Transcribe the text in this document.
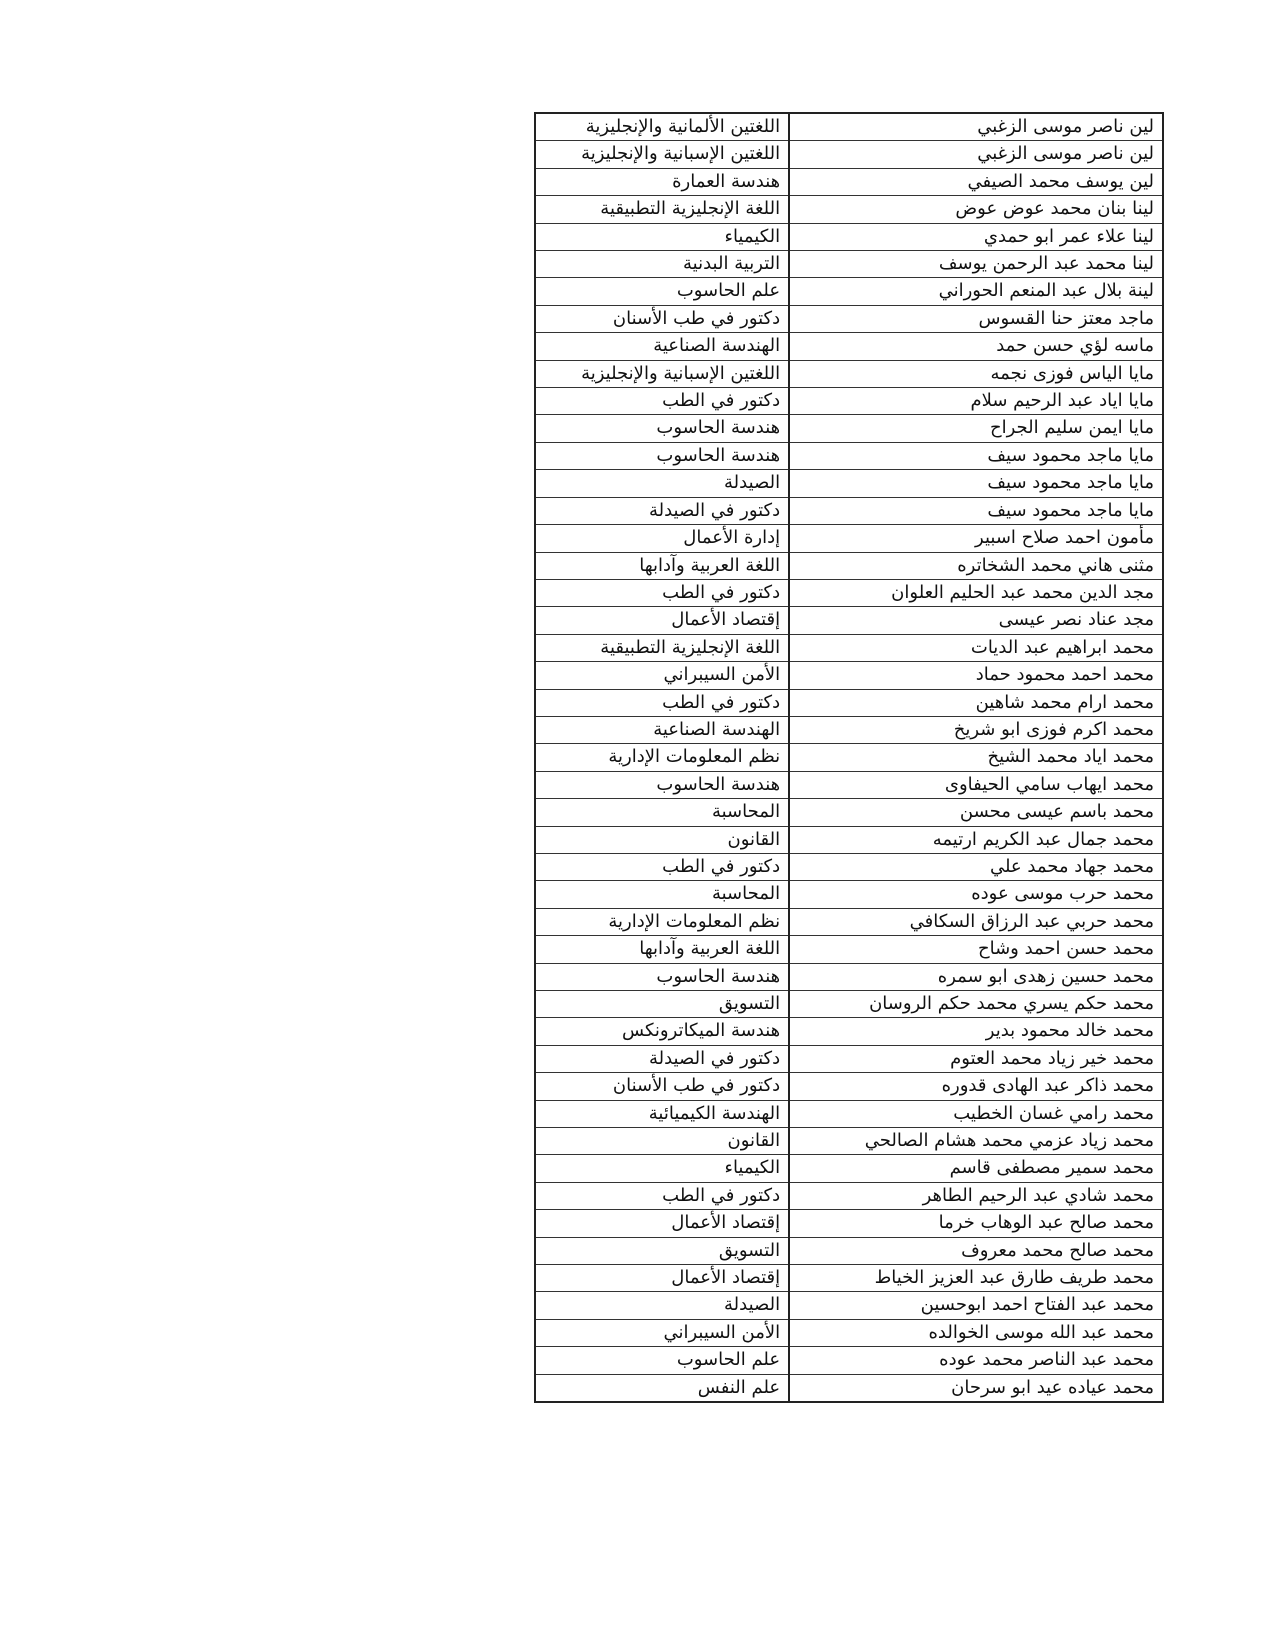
لين ناصر موسى الزغبي	اللغتين الألمانية والإنجليزية
لين ناصر موسى الزغبي	اللغتين الإسبانية والإنجليزية
لين يوسف محمد الصيفي	هندسة العمارة
لينا بنان محمد عوض عوض	اللغة الإنجليزية التطبيقية
لينا علاء عمر ابو حمدي	الكيمياء
لينا محمد عبد الرحمن يوسف	التربية البدنية
لينة بلال عبد المنعم الحوراني	علم الحاسوب
ماجد معتز حنا القسوس	دكتور في طب الأسنان
ماسه لؤي حسن حمد	الهندسة الصناعية
مايا الياس فوزى نجمه	اللغتين الإسبانية والإنجليزية
مايا اياد عبد الرحيم سلام	دكتور في الطب
مايا ايمن سليم الجراح	هندسة الحاسوب
مايا ماجد محمود سيف	هندسة الحاسوب
مايا ماجد محمود سيف	الصيدلة
مايا ماجد محمود سيف	دكتور في الصيدلة
مأمون احمد صلاح اسبير	إدارة الأعمال
مثنى هاني محمد الشخاتره	اللغة العربية وآدابها
مجد الدين محمد عبد الحليم العلوان	دكتور في الطب
مجد عناد نصر عيسى	إقتصاد الأعمال
محمد ابراهيم عبد الديات	اللغة الإنجليزية التطبيقية
محمد احمد محمود حماد	الأمن السيبراني
محمد ارام محمد شاهين	دكتور في الطب
محمد اكرم فوزى ابو شريخ	الهندسة الصناعية
محمد اياد محمد الشيخ	نظم المعلومات الإدارية
محمد ايهاب سامي الحيفاوى	هندسة الحاسوب
محمد باسم عيسى محسن	المحاسبة
محمد جمال عبد الكريم ارتيمه	القانون
محمد جهاد محمد علي	دكتور في الطب
محمد حرب موسى عوده	المحاسبة
محمد حربي عبد الرزاق السكافي	نظم المعلومات الإدارية
محمد حسن احمد وشاح	اللغة العربية وآدابها
محمد حسين زهدى ابو سمره	هندسة الحاسوب
محمد حكم يسري محمد حكم الروسان	التسويق
محمد خالد محمود بدير	هندسة الميكاترونكس
محمد خير زياد محمد العتوم	دكتور في الصيدلة
محمد ذاكر عبد الهادى قدوره	دكتور في طب الأسنان
محمد رامي غسان الخطيب	الهندسة الكيميائية
محمد زياد عزمي محمد هشام الصالحي	القانون
محمد سمير مصطفى قاسم	الكيمياء
محمد شادي عبد الرحيم الطاهر	دكتور في الطب
محمد صالح عبد الوهاب خرما	إقتصاد الأعمال
محمد صالح محمد معروف	التسويق
محمد طريف طارق عبد العزيز الخياط	إقتصاد الأعمال
محمد عبد الفتاح احمد ابوحسين	الصيدلة
محمد عبد الله موسى الخوالده	الأمن السيبراني
محمد عبد الناصر محمد عوده	علم الحاسوب
محمد عياده عيد ابو سرحان	علم النفس
